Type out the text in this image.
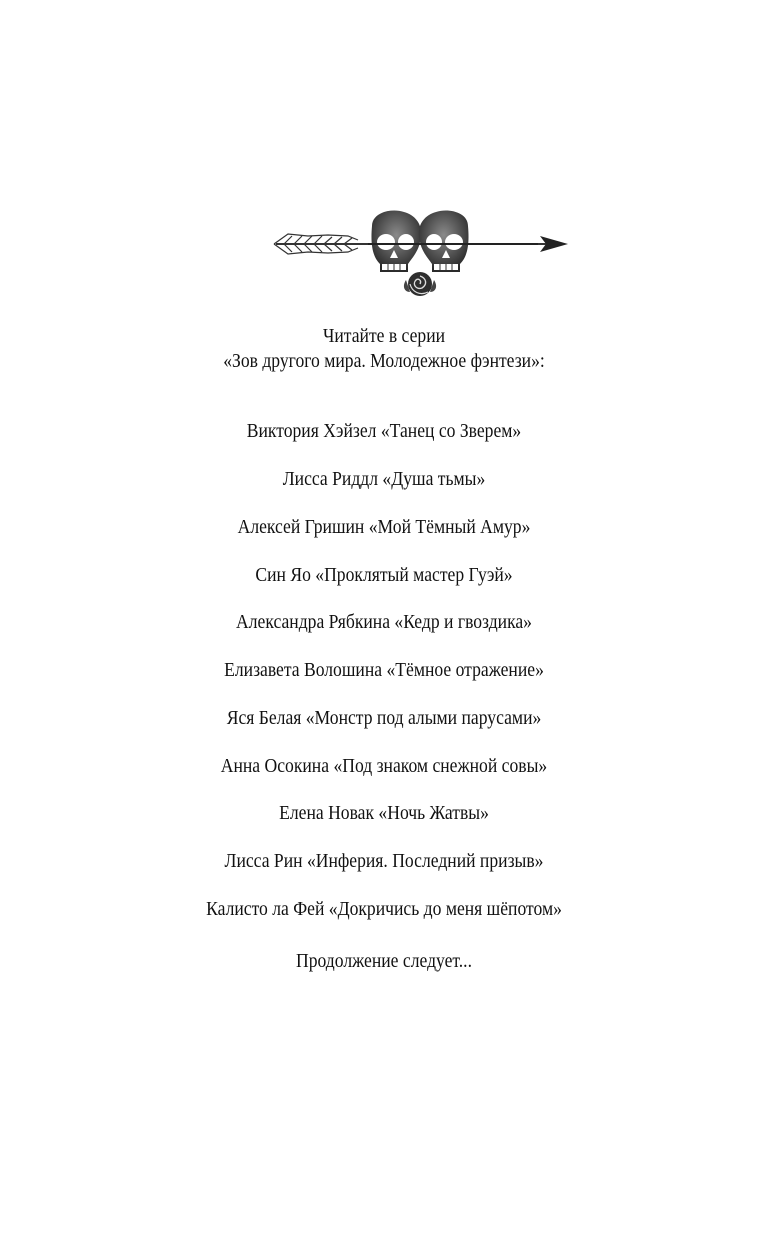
Читайте в серии
«Зов другого мира. Молодежное фэнтези»:
Виктория Хэйзел «Танец со Зверем»
Лисса Риддл «Душа тьмы»
Алексей Гришин «Мой Тёмный Амур»
Син Яо «Проклятый мастер Гуэй»
Александра Рябкина «Кедр и гвоздика»
Елизавета Волошина «Тёмное отражение»
Яся Белая «Монстр под алыми парусами»
Анна Осокина «Под знаком снежной совы»
Елена Новак «Ночь Жатвы»
Лисса Рин «Инферия. Последний призыв»
Калисто ла Фей «Докричись до меня шёпотом»
Продолжение следует...
